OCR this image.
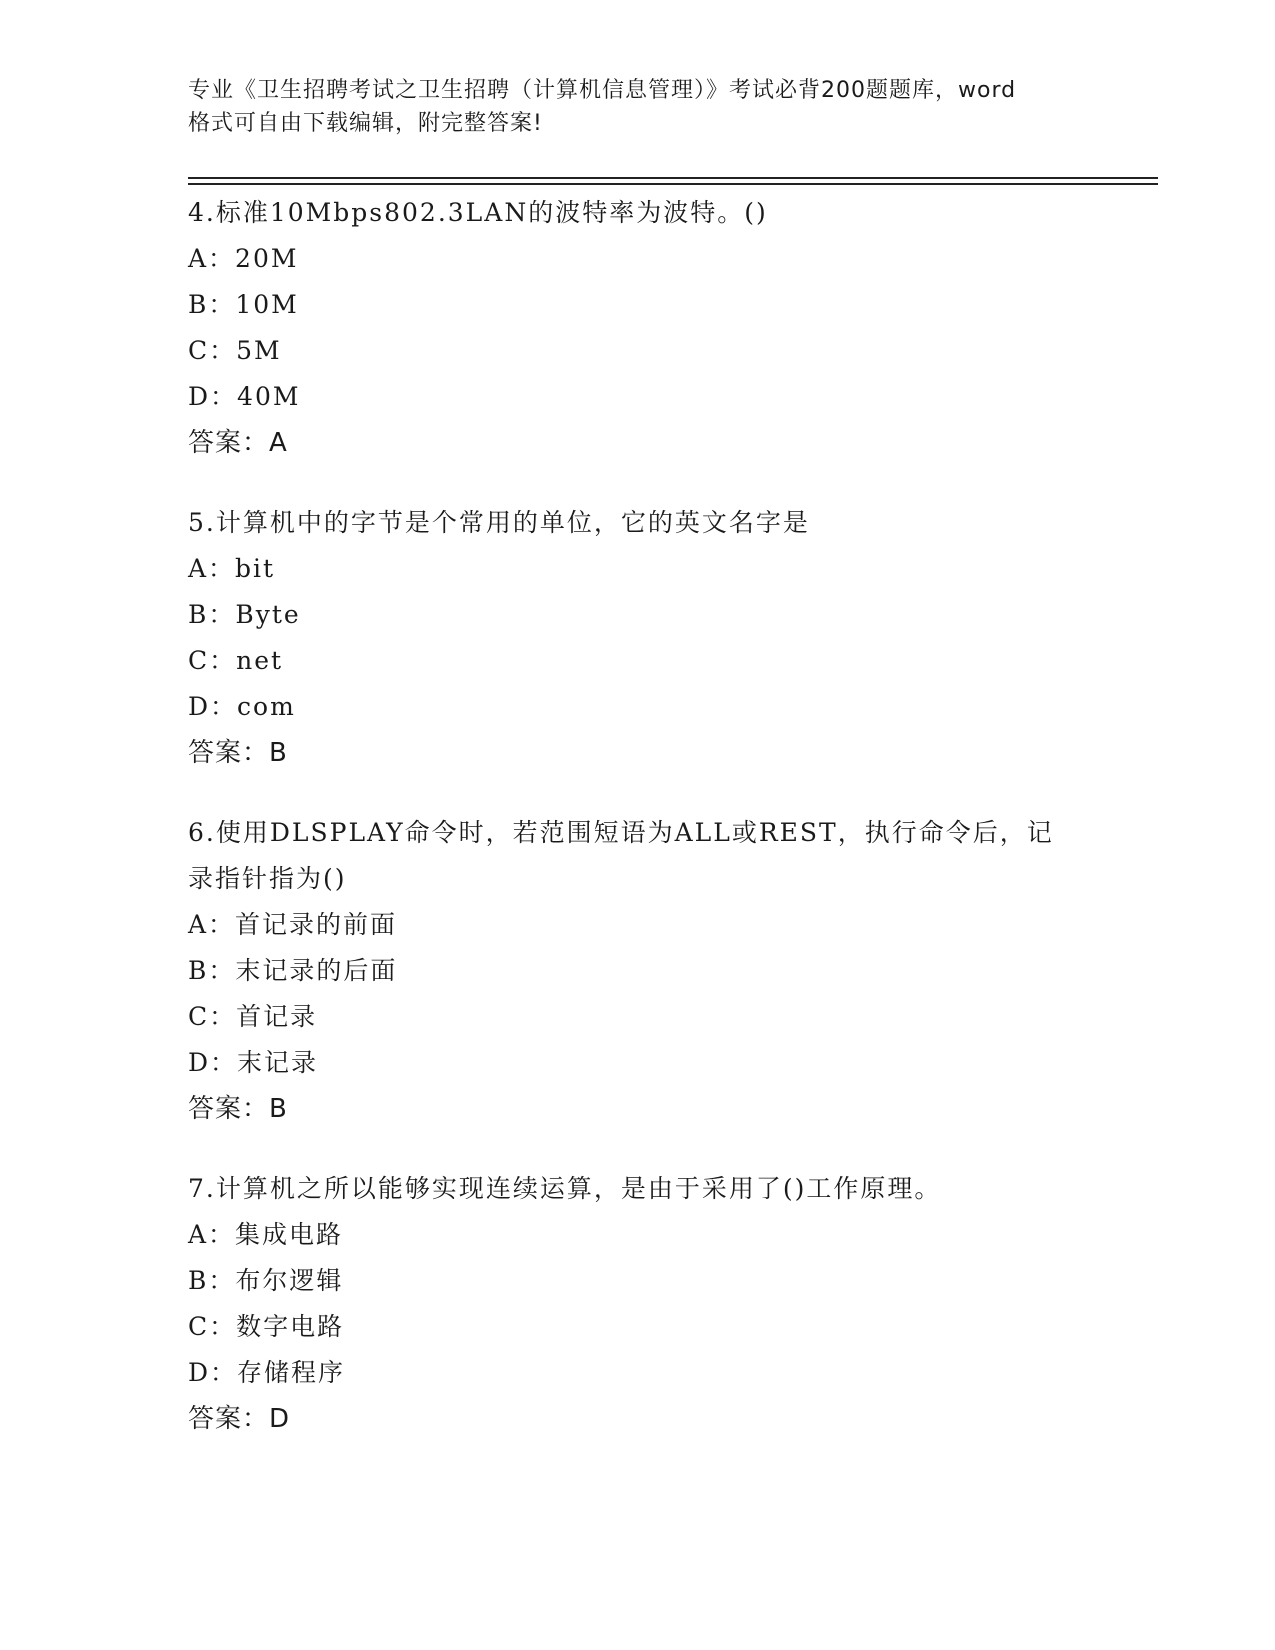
专业《卫生招聘考试之卫生招聘（计算机信息管理）》考试必背200题题库，word
格式可自由下载编辑，附完整答案!
4.标准10Mbps802.3LAN的波特率为波特。()
A：20M
B：10M
C：5M
D：40M
答案：A
5.计算机中的字节是个常用的单位，它的英文名字是
A：bit
B：Byte
C：net
D：com
答案：B
6.使用DLSPLAY命令时，若范围短语为ALL或REST，执行命令后，记
录指针指为()
A：首记录的前面
B：末记录的后面
C：首记录
D：末记录
答案：B
7.计算机之所以能够实现连续运算，是由于采用了()工作原理。
A：集成电路
B：布尔逻辑
C：数字电路
D：存储程序
答案：D
